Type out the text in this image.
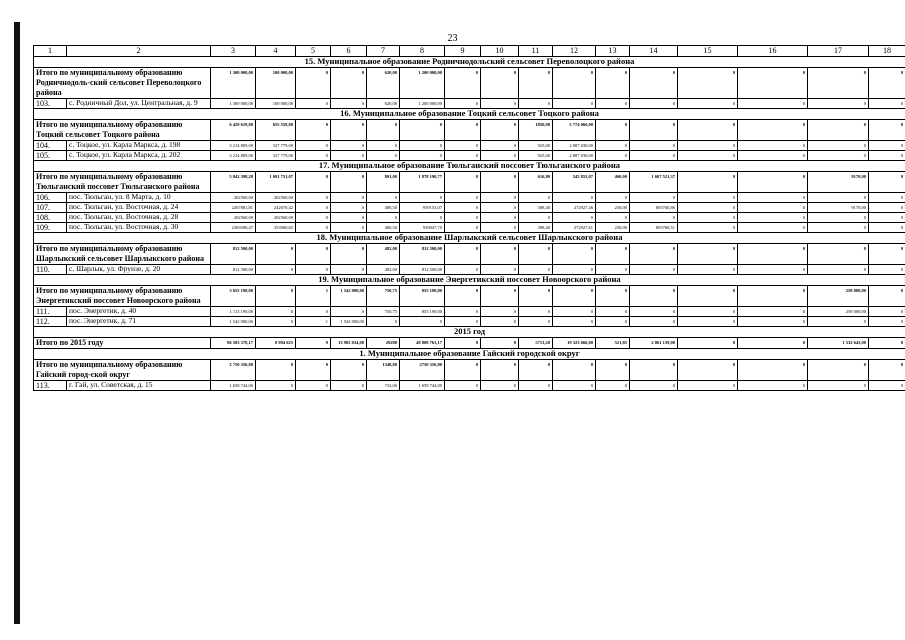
23
1	2	3	4	5	6	7	8	9	10	11	12	13	14	15	16	17	18
15. Муниципальное образование Родничнодольский сельсовет Переволоцкого района																	
Итого по муниципальному образованию Родничнодоль-ский сельсовет Переволоцкого района		1 300 000,00	100 000,00	0	0	620,00	1 200 000,00	0	0	0	0	0	0	0	0	0	0
103.	с. Родничный Дол, ул. Центральная, д. 9	1 300 000,00	100 000,00	0	0	620,00	1 200 000,00	0	0	0	0	0	0	0	0	0	0
16. Муниципальное образование Тоцкий сельсовет Тоцкого района																	
Итого по муниципальному образованию Тоцкий сельсовет Тоцкого района		6 429 618,00	655 558,00	0	0	0	0	0	0	1850,00	5 774 060,00	0	0	0	0	0	0
104.	с. Тоцкое, ул. Карла Маркса, д. 198	3 214 809,00	327 779,00	0	0	0	0	0	0	925,00	2 887 030,00	0	0	0	0	0	0
105.	с. Тоцкое, ул. Карла Маркса, д. 202	3 214 809,00	327 779,00	0	0	0	0	0	0	925,00	2 887 030,00	0	0	0	0	0	0
17. Муниципальное образование Тюльганский поссовет Тюльганского района																	
Итого по муниципальному образованию Тюльганский поссовет Тюльганского района		5 042 398,28	1 001 751,07	0	0	801,00	1 878 190,77	0	0	616,80	545 855,07	460,00	1 607 521,37	0	0	9170,00	0
106.	пос. Тюльган, ул. 8 Марта, д. 10	202560,00	202560,00	0	0	0	0	0	0	0	0	0	0	0	0	0	0
107.	пос. Тюльган, ул. Восточная, д. 24	2267881,81	242670,42	0	0	400,50	939153,07	0	0	308,40	272927,46	230,00	803760,86	0	0	9170,00	0
108.	пос. Тюльган, ул. Восточная, д. 28	202560,00	202560,00	0	0	0	0	0	0	0	0	0	0	0	0	0	0
109.	пос. Тюльган, ул. Восточная, д. 30	2369396,47	353960,65	0	0	400,50	939047,70	0	0	308,40	272927,61	230,00	803760,51	0	0	0	0
18. Муниципальное образование Шарлыкский сельсовет Шарлыкского района																	
Итого по муниципальному образованию Шарлыкский сельсовет Шарлыкского района		812 500,00	0	0	0	482,00	812 500,00	0	0	0	0	0	0	0	0	0	0
110.	с. Шарлык, ул. Фрунзе, д. 20	812 500,00	0	0	0	482,00	812 500,00	0	0	0	0	0	0	0	0	0	0
19. Муниципальное образование Энергетикский поссовет Новоорского района																	
Итого по муниципальному образованию Энергетикский поссовет Новоорского района		3 655 190,00	0	1	1 542 000,00	750,75	855 190,00	0	0	0	0	0	0	0	0	258 000,00	0
111.	пос. Энергетик, д. 40	1 113 190,00	0	0	0	750,75	855 190,00	0	0	0	0	0	0	0	0	258 000,00	0
112.	пос. Энергетик, д. 71	1 542 000,00	0	1	1 542 000,00	0	0	0	0	0	0	0	0	0	0	0	0
2015 год																	
Итого по 2015 году		86 583 378,17	8 994 625	9	13 982 034,00	29288	48 808 763,17	0	0	5713,20	19 323 666,00	521,85	2 861 139,00	0	0	1 532 643,00	0
1. Муниципальное образование Гайский городской округ																	
Итого по муниципальному образованию Гайский город-ской округ		2 750 356,00	0	0	0	1348,00	2750 356,00	0	0	0	0	0	0	0	0	0	0
113.	г. Гай, ул. Советская, д. 15	1 658 744,00	0	0	0	732,00	1 658 744,00	0	0	0	0	0	0	0	0	0	0
